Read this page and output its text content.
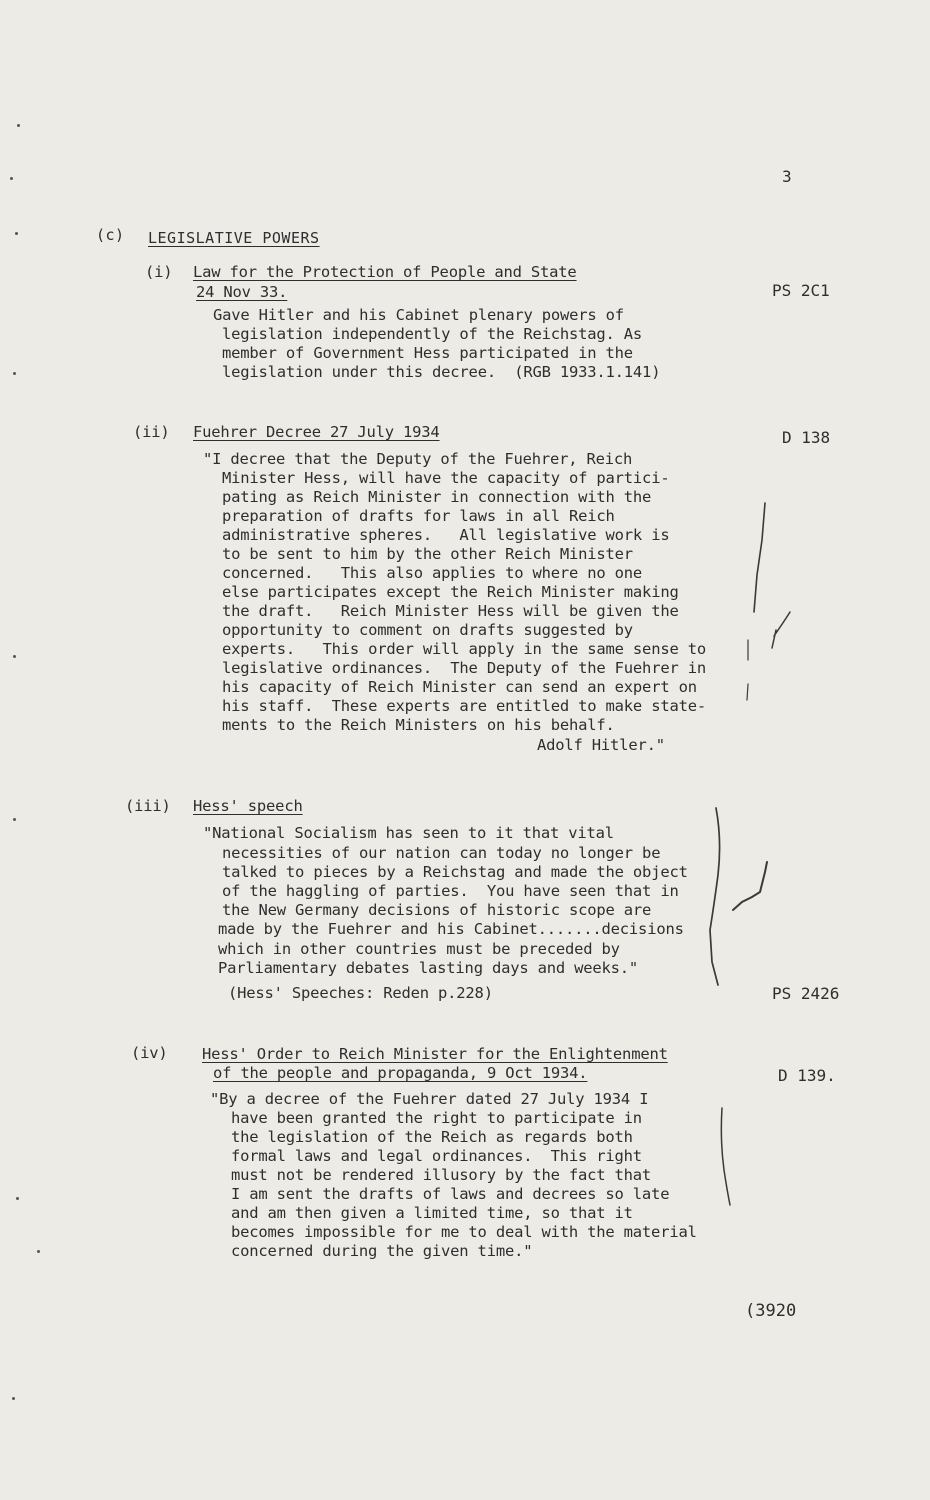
3
(c) LEGISLATIVE POWERS
(i) Law for the Protection of People and State
24 Nov 33.	PS 2C1
Gave Hitler and his Cabinet plenary powers of
legislation independently of the Reichstag. As
member of Government Hess participated in the
legislation under this decree.  (RGB 1933.1.141)
(ii) Fuehrer Decree 27 July 1934	D 138
"I decree that the Deputy of the Fuehrer, Reich
Minister Hess, will have the capacity of partici-
pating as Reich Minister in connection with the
preparation of drafts for laws in all Reich
administrative spheres.   All legislative work is
to be sent to him by the other Reich Minister
concerned.   This also applies to where no one
else participates except the Reich Minister making
the draft.   Reich Minister Hess will be given the
opportunity to comment on drafts suggested by
experts.   This order will apply in the same sense to
legislative ordinances.  The Deputy of the Fuehrer in
his capacity of Reich Minister can send an expert on
his staff.  These experts are entitled to make state-
ments to the Reich Ministers on his behalf.
Adolf Hitler."
(iii) Hess' speech
"National Socialism has seen to it that vital
necessities of our nation can today no longer be
talked to pieces by a Reichstag and made the object
of the haggling of parties.  You have seen that in
the New Germany decisions of historic scope are
made by the Fuehrer and his Cabinet.......decisions
which in other countries must be preceded by
Parliamentary debates lasting days and weeks."
(Hess' Speeches: Reden p.228)	PS 2426
(iv) Hess' Order to Reich Minister for the Enlightenment
of the people and propaganda, 9 Oct 1934.	D 139.
"By a decree of the Fuehrer dated 27 July 1934 I
have been granted the right to participate in
the legislation of the Reich as regards both
formal laws and legal ordinances.  This right
must not be rendered illusory by the fact that
I am sent the drafts of laws and decrees so late
and am then given a limited time, so that it
becomes impossible for me to deal with the material
concerned during the given time."
(3920
